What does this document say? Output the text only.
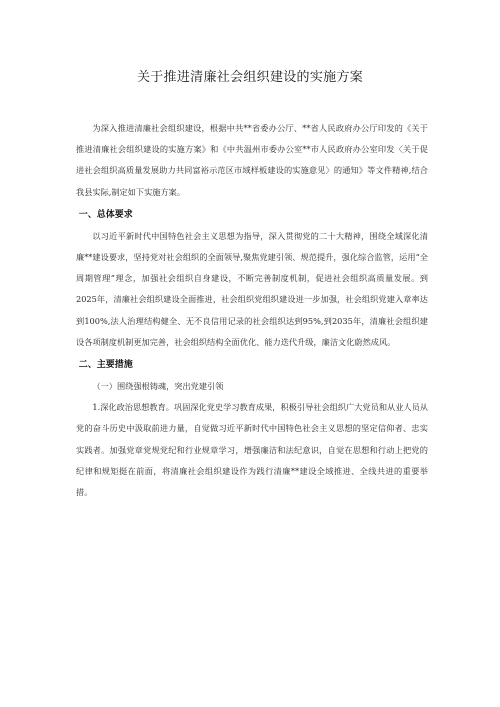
关于推进清廉社会组织建设的实施方案

为深入推进清廉社会组织建设，根据中共**省委办公厅、**省人民政府办公厅印发的《关于推进清廉社会组织建设的实施方案》和《中共温州市委办公室**市人民政府办公室印发〈关于促进社会组织高质量发展助力共同富裕示范区市域样板建设的实施意见〉的通知》等文件精神,结合我县实际,制定如下实施方案。

一、总体要求

以习近平新时代中国特色社会主义思想为指导，深入贯彻党的二十大精神，围绕全域深化清廉**建设要求，坚持党对社会组织的全面领导,聚焦党建引领、规范提升，强化综合监管，运用“全周期管理”理念，加强社会组织自身建设，不断完善制度机制，促进社会组织高质量发展。到2025年，清廉社会组织建设全面推进，社会组织党组织建设进一步加强，社会组织党建入章率达到100%,法人治理结构健全、无不良信用记录的社会组织达到95%,到2035年，清廉社会组织建设各项制度机制更加完善，社会组织结构全面优化、能力迭代升级，廉洁文化蔚然成风。

二、主要措施

（一）围绕强根铸魂，突出党建引领

1.深化政治思想教育。巩固深化党史学习教育成果，积极引导社会组织广大党员和从业人员从党的奋斗历史中汲取前进力量，自觉做习近平新时代中国特色社会主义思想的坚定信仰者、忠实实践者。加强党章党规党纪和行业规章学习，增强廉洁和法纪意识，自觉在思想和行动上把党的纪律和规矩挺在前面，将清廉社会组织建设作为践行清廉**建设全域推进、全线共进的重要举措。
